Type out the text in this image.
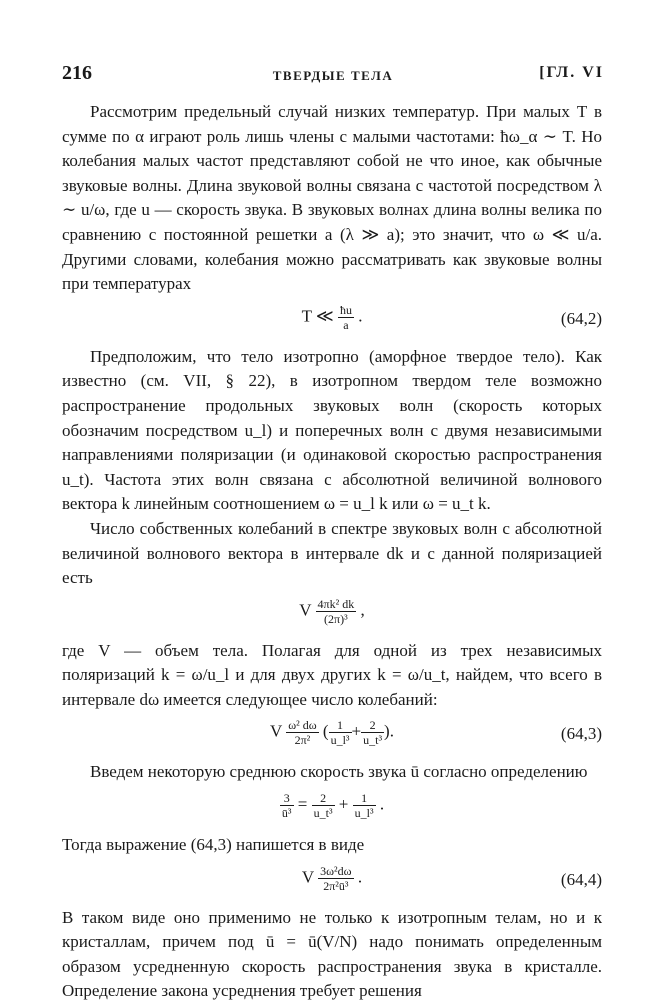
216	ТВЕРДЫЕ ТЕЛА	[ГЛ. VI

Рассмотрим предельный случай низких температур. При малых T в сумме по α играют роль лишь члены с малыми частотами: ħω_α ∼ T. Но колебания малых частот представляют собой не что иное, как обычные звуковые волны. Длина звуковой волны связана с частотой посредством λ ∼ u/ω, где u — скорость звука. В звуковых волнах длина волны велика по сравнению с постоянной решетки a (λ ≫ a); это значит, что ω ≪ u/a. Другими словами, колебания можно рассматривать как звуковые волны при температурах

T ≪ $\frac{ħu}{a}$ .	(64,2)

Предположим, что тело изотропно (аморфное твердое тело). Как известно (см. VII, § 22), в изотропном твердом теле возможно распространение продольных звуковых волн (скорость которых обозначим посредством u_l) и поперечных волн с двумя независимыми направлениями поляризации (и одинаковой скоростью распространения u_t). Частота этих волн связана с абсолютной величиной волнового вектора k линейным соотношением ω = u_l k или ω = u_t k.

Число собственных колебаний в спектре звуковых волн с абсолютной величиной волнового вектора в интервале dk и с данной поляризацией есть

V $\frac{\text{4πk² dk}}{\text{(2π)³}}$ ,

где V — объем тела. Полагая для одной из трех независимых поляризаций k = ω/u_l и для двух других k = ω/u_t, найдем, что всего в интервале dω имеется следующее число колебаний:

V $\frac{\text{ω² dω}}{\text{2π²}}$ ( $\frac{1}{\text{u\_l³}} + \frac{2}{\text{u\_t³}}$ ).	(64,3)

Введем некоторую среднюю скорость звука ū согласно определению

$\frac{3}{\text{ū³}} = \frac{2}{\text{u\_t³}} + \frac{1}{\text{u\_l³}}$ .

Тогда выражение (64,3) напишется в виде

V $\frac{\text{3ω²dω}}{\text{2π²ū³}}$ .	(64,4)

В таком виде оно применимо не только к изотропным телам, но и к кристаллам, причем под ū = ū(V/N) надо понимать определенным образом усредненную скорость распространения звука в кристалле. Определение закона усреднения требует решения
